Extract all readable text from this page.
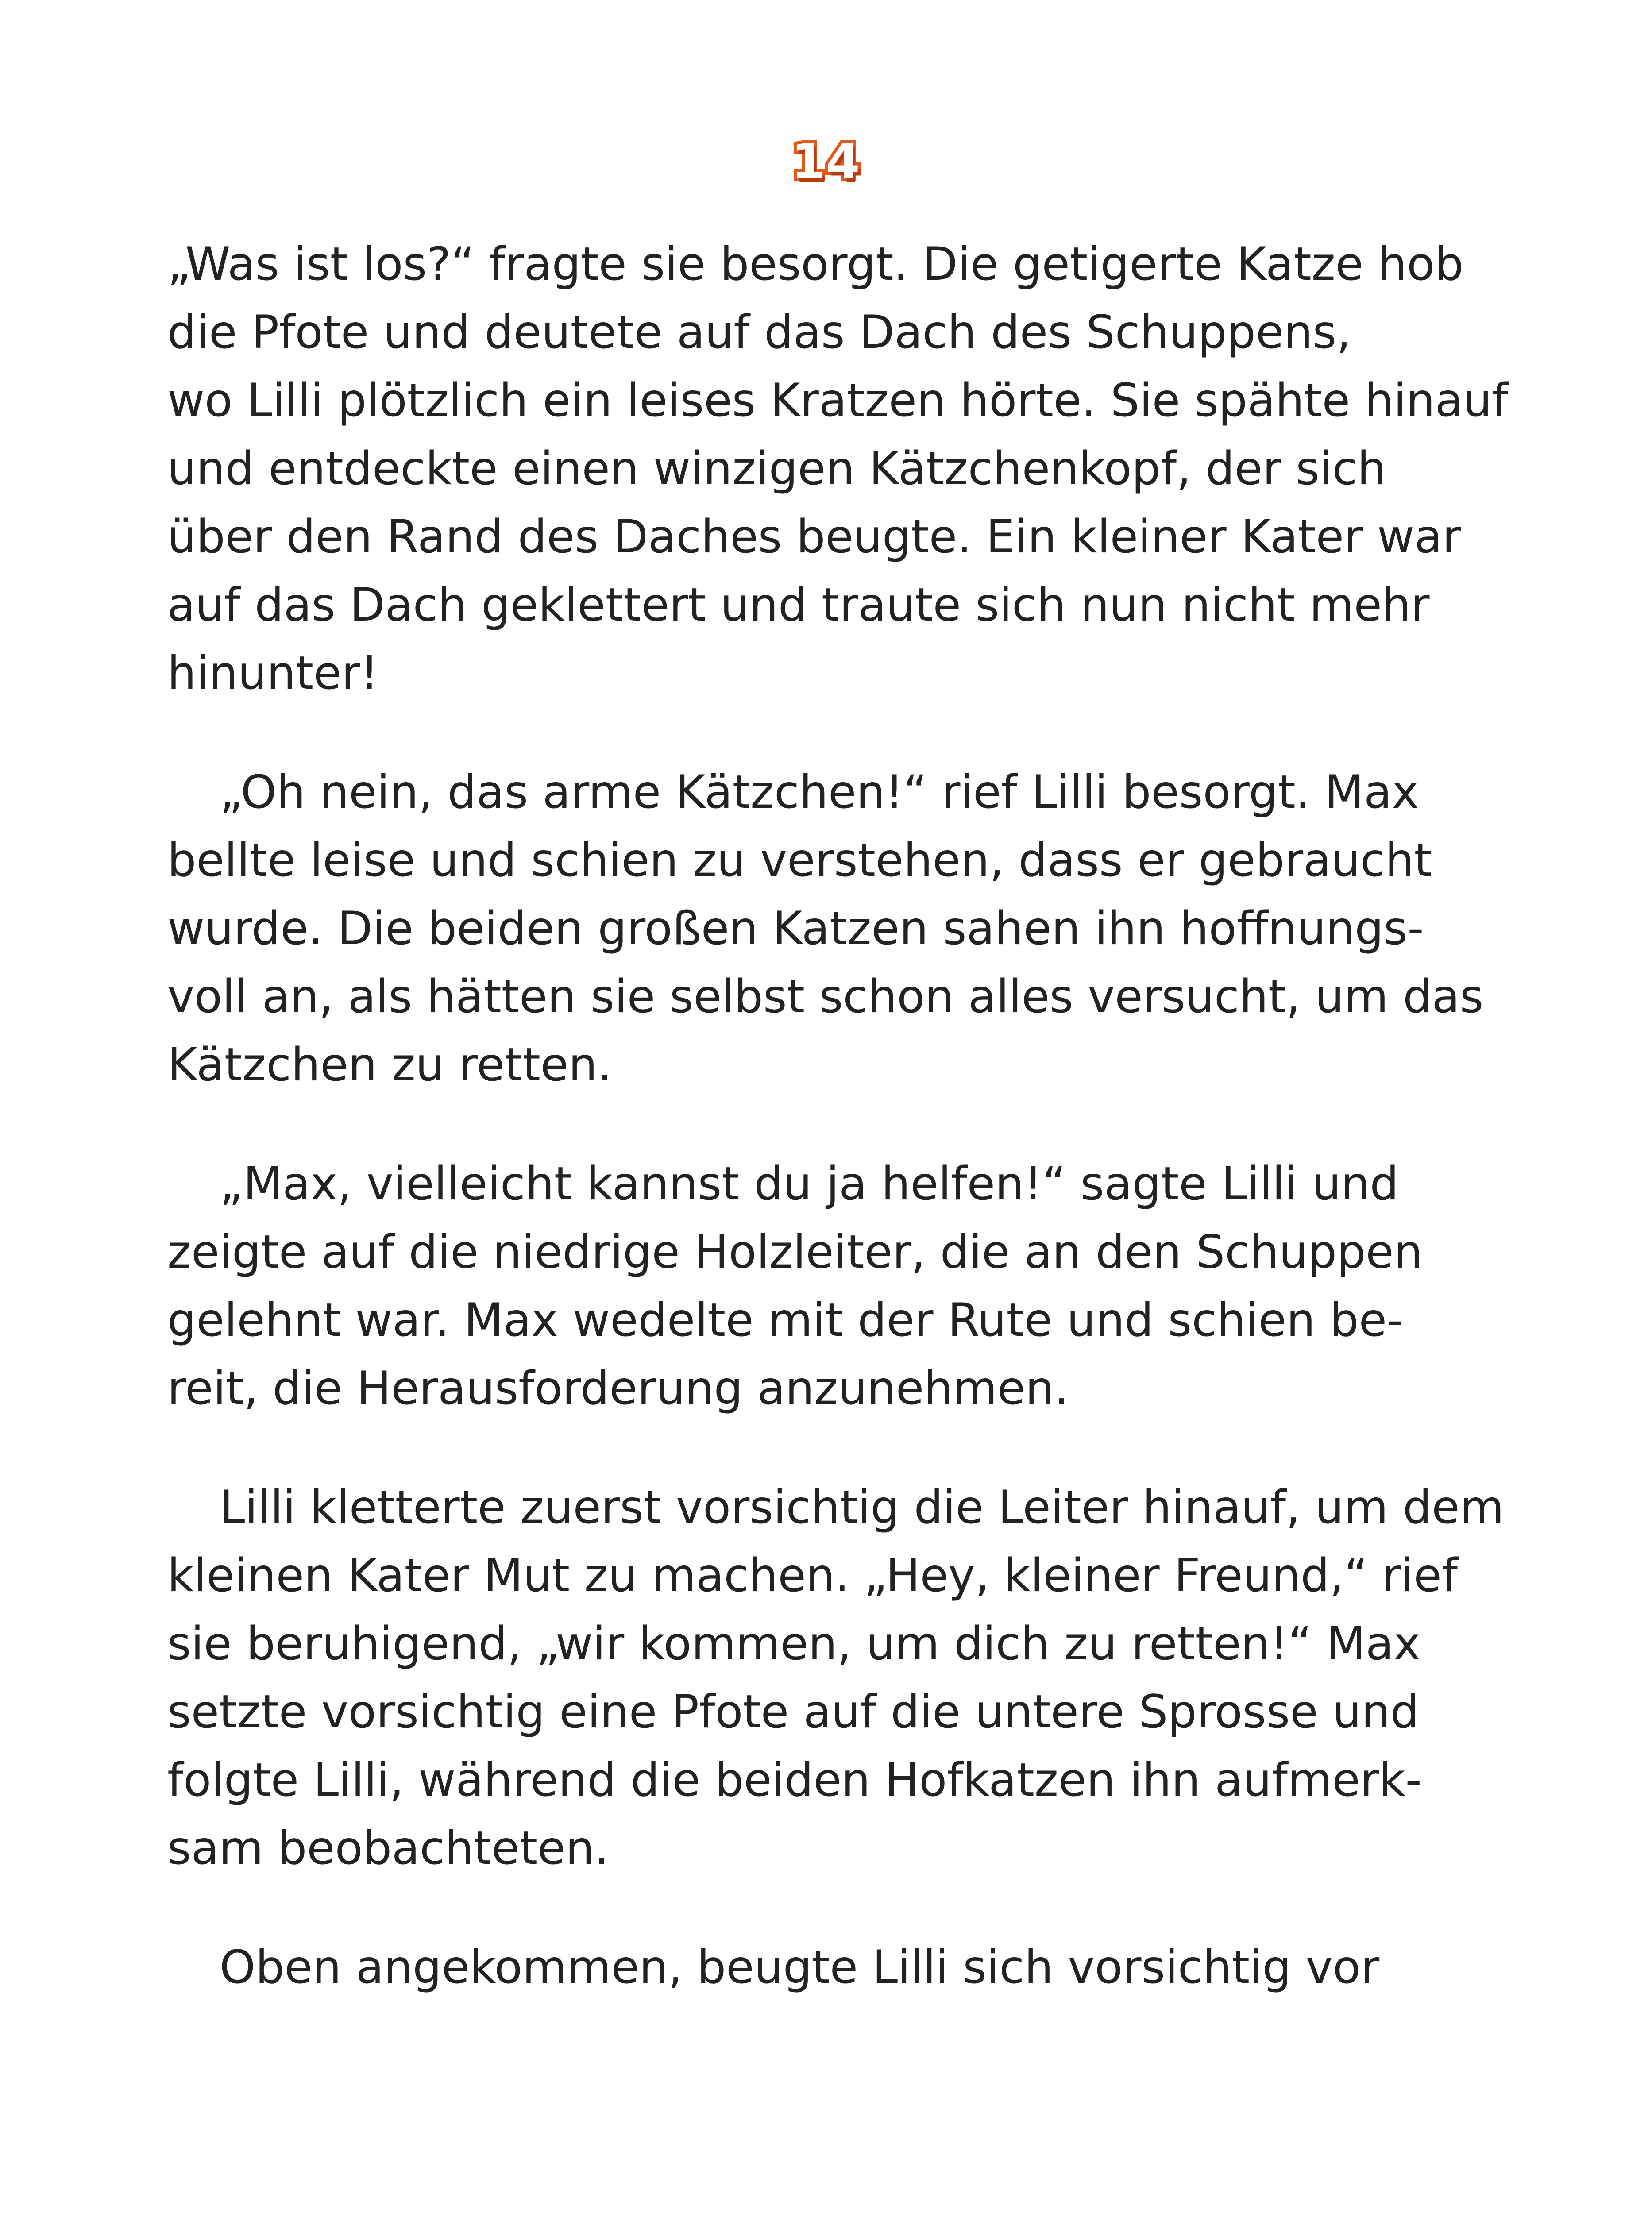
14
„Was ist los?“ fragte sie besorgt. Die getigerte Katze hob
die Pfote und deutete auf das Dach des Schuppens,
wo Lilli plötzlich ein leises Kratzen hörte. Sie spähte hinauf
und entdeckte einen winzigen Kätzchenkopf, der sich
über den Rand des Daches beugte. Ein kleiner Kater war
auf das Dach geklettert und traute sich nun nicht mehr
hinunter!
„Oh nein, das arme Kätzchen!“ rief Lilli besorgt. Max
bellte leise und schien zu verstehen, dass er gebraucht
wurde. Die beiden großen Katzen sahen ihn hoffnungs-
voll an, als hätten sie selbst schon alles versucht, um das
Kätzchen zu retten.
„Max, vielleicht kannst du ja helfen!“ sagte Lilli und
zeigte auf die niedrige Holzleiter, die an den Schuppen
gelehnt war. Max wedelte mit der Rute und schien be-
reit, die Herausforderung anzunehmen.
Lilli kletterte zuerst vorsichtig die Leiter hinauf, um dem
kleinen Kater Mut zu machen. „Hey, kleiner Freund,“ rief
sie beruhigend, „wir kommen, um dich zu retten!“ Max
setzte vorsichtig eine Pfote auf die untere Sprosse und
folgte Lilli, während die beiden Hofkatzen ihn aufmerk-
sam beobachteten.
Oben angekommen, beugte Lilli sich vorsichtig vor
